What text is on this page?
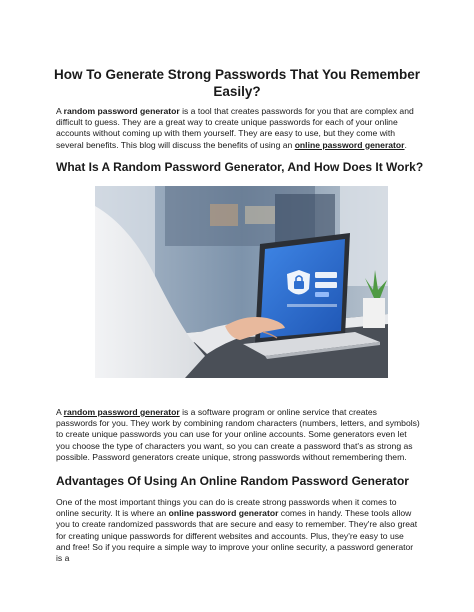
How To Generate Strong Passwords That You Remember Easily?

A random password generator is a tool that creates passwords for you that are complex and difficult to guess. They are a great way to create unique passwords for each of your online accounts without coming up with them yourself. They are easy to use, but they come with several benefits. This blog will discuss the benefits of using an online password generator.

What Is A Random Password Generator, And How Does It Work?

A random password generator is a software program or online service that creates passwords for you. They work by combining random characters (numbers, letters, and symbols) to create unique passwords you can use for your online accounts. Some generators even let you choose the type of characters you want, so you can create a password that's as strong as possible. Password generators create unique, strong passwords without remembering them.

Advantages Of Using An Online Random Password Generator

One of the most important things you can do is create strong passwords when it comes to online security. It is where an online password generator comes in handy. These tools allow you to create randomized passwords that are secure and easy to remember. They're also great for creating unique passwords for different websites and accounts. Plus, they're easy to use and free! So if you require a simple way to improve your online security, a password generator is a
